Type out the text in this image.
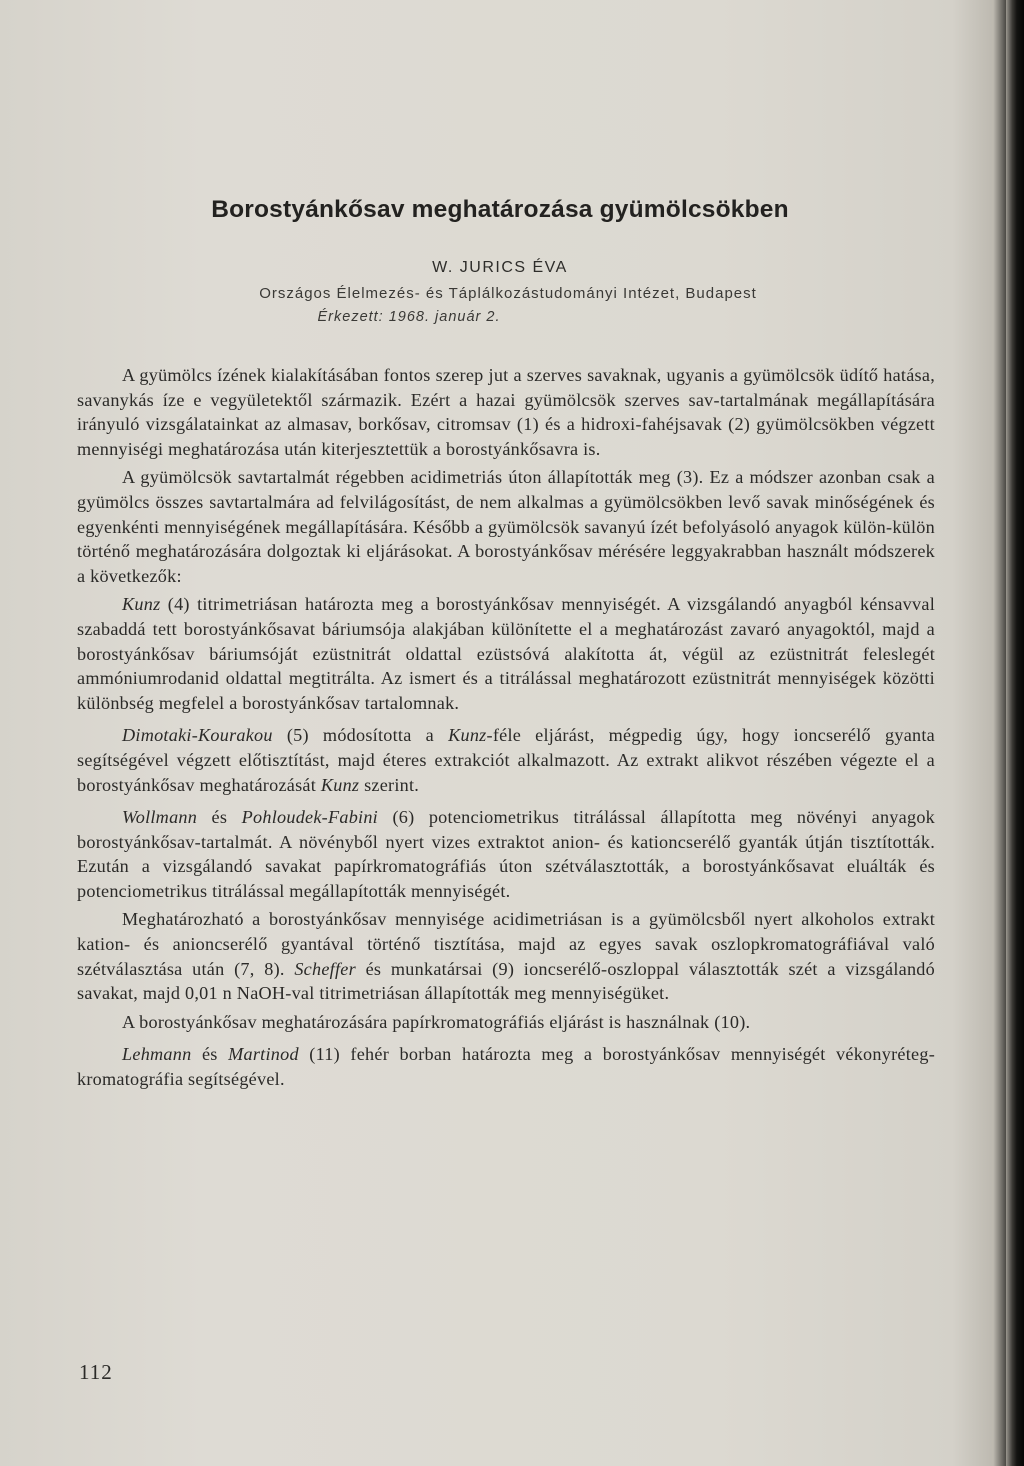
Borostyánkősav meghatározása gyümölcsökben
W. JURICS ÉVA
Országos Élelmezés- és Táplálkozástudományi Intézet, Budapest
Érkezett: 1968. január 2.

A gyümölcs ízének kialakításában fontos szerep jut a szerves savaknak, ugyanis a gyümölcsök üdítő hatása, savanykás íze e vegyületektől származik. Ezért a hazai gyümölcsök szerves sav-tartalmának megállapítására irányuló vizsgálatainkat az almasav, borkősav, citromsav (1) és a hidroxi-fahéjsavak (2) gyümölcsökben végzett mennyiségi meghatározása után kiterjesztettük a borostyánkősavra is.

A gyümölcsök savtartalmát régebben acidimetriás úton állapították meg (3). Ez a módszer azonban csak a gyümölcs összes savtartalmára ad felvilágosítást, de nem alkalmas a gyümölcsökben levő savak minőségének és egyenkénti mennyiségének megállapítására. Később a gyümölcsök savanyú ízét befolyásoló anyagok külön-külön történő meghatározására dolgoztak ki eljárásokat. A borostyánkősav mérésére leggyakrabban használt módszerek a következők:

Kunz (4) titrimetriásan határozta meg a borostyánkősav mennyiségét. A vizsgálandó anyagból kénsavval szabaddá tett borostyánkősavat báriumsója alakjában különítette el a meghatározást zavaró anyagoktól, majd a borostyánkősav báriumsóját ezüstnitrát oldattal ezüstsóvá alakította át, végül az ezüstnitrát feleslegét ammóniumrodanid oldattal megtitrálta. Az ismert és a titrálással meghatározott ezüstnitrát mennyiségek közötti különbség megfelel a borostyánkősav tartalomnak.

Dimotaki-Kourakou (5) módosította a Kunz-féle eljárást, mégpedig úgy, hogy ioncserélő gyanta segítségével végzett előtisztítást, majd éteres extrakciót alkalmazott. Az extrakt alikvot részében végezte el a borostyánkősav meghatározását Kunz szerint.

Wollmann és Pohloudek-Fabini (6) potenciometrikus titrálással állapította meg növényi anyagok borostyánkősav-tartalmát. A növényből nyert vizes extraktot anion- és kationcserélő gyanták útján tisztították. Ezután a vizsgálandó savakat papírkromatográfiás úton szétválasztották, a borostyánkősavat eluálták és potenciometrikus titrálással megállapították mennyiségét.

Meghatározható a borostyánkősav mennyisége acidimetriásan is a gyümölcsből nyert alkoholos extrakt kation- és anioncserélő gyantával történő tisztítása, majd az egyes savak oszlopkromatográfiával való szétválasztása után (7, 8). Scheffer és munkatársai (9) ioncserélő-oszloppal választották szét a vizsgálandó savakat, majd 0,01 n NaOH-val titrimetriásan állapították meg mennyiségüket.

A borostyánkősav meghatározására papírkromatográfiás eljárást is használnak (10).

Lehmann és Martinod (11) fehér borban határozta meg a borostyánkősav mennyiségét vékonyréteg-kromatográfia segítségével.

112
